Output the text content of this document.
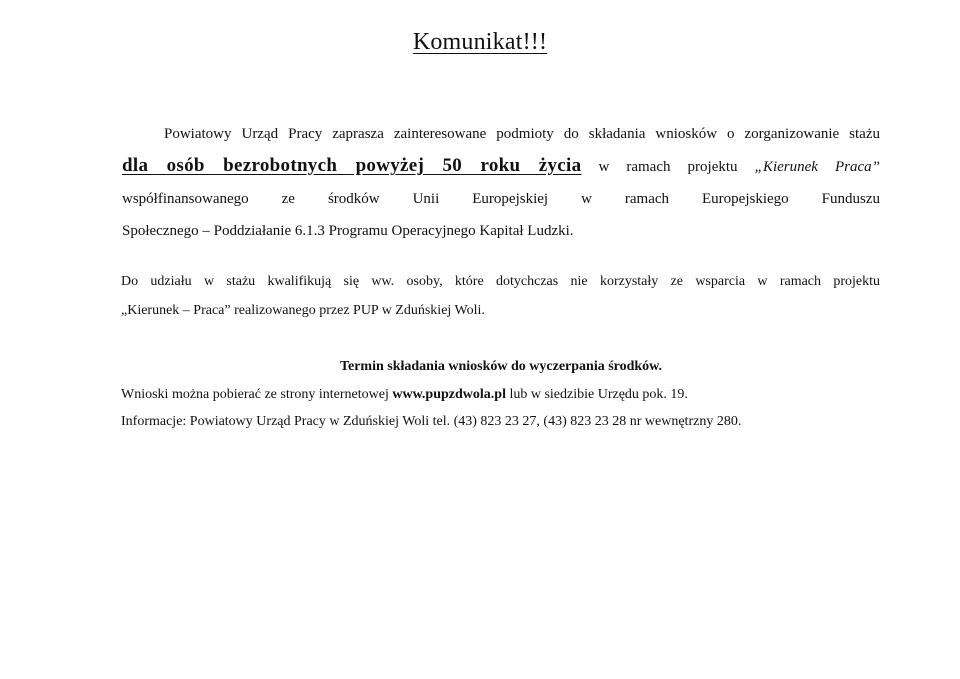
Komunikat!!!
Powiatowy Urząd Pracy zaprasza zainteresowane podmioty do składania wniosków o zorganizowanie stażu
dla osób bezrobotnych powyżej 50 roku życia w ramach projektu „Kierunek Praca”
współfinansowanego ze środków Unii Europejskiej w ramach Europejskiego Funduszu
Społecznego – Poddziałanie 6.1.3 Programu Operacyjnego Kapitał Ludzki.
Do udziału w stażu kwalifikują się ww. osoby, które dotychczas nie korzystały ze wsparcia w ramach projektu
„Kierunek – Praca” realizowanego przez PUP w Zduńskiej Woli.
Termin składania wniosków do wyczerpania środków.
Wnioski można pobierać ze strony internetowej www.pupzdwola.pl lub w siedzibie Urzędu pok. 19.
Informacje: Powiatowy Urząd Pracy w Zduńskiej Woli tel. (43) 823 23 27, (43) 823 23 28 nr wewnętrzny 280.
